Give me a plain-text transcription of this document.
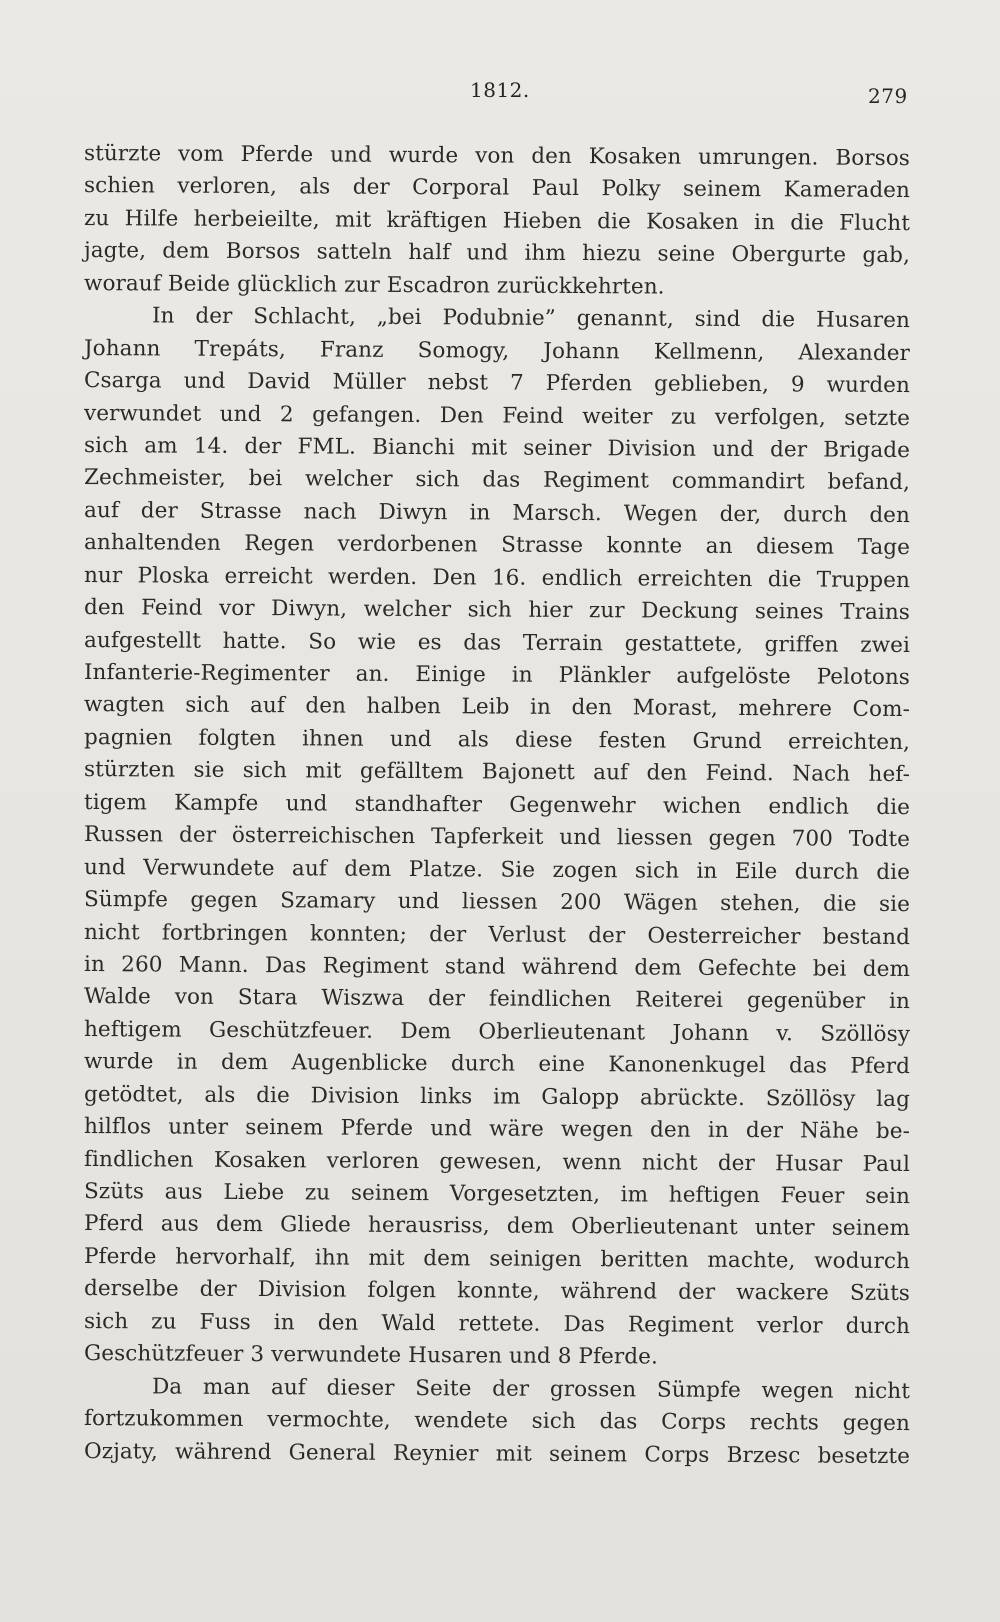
1812.	279
stürzte vom Pferde und wurde von den Kosaken umrungen. Borsos
schien verloren, als der Corporal Paul Polky seinem Kameraden
zu Hilfe herbeieilte, mit kräftigen Hieben die Kosaken in die Flucht
jagte, dem Borsos satteln half und ihm hiezu seine Obergurte gab,
worauf Beide glücklich zur Escadron zurückkehrten.
In der Schlacht, „bei Podubnie” genannt, sind die Husaren
Johann Trepáts, Franz Somogy, Johann Kellmenn, Alexander
Csarga und David Müller nebst 7 Pferden geblieben, 9 wurden
verwundet und 2 gefangen. Den Feind weiter zu verfolgen, setzte
sich am 14. der FML. Bianchi mit seiner Division und der Brigade
Zechmeister, bei welcher sich das Regiment commandirt befand,
auf der Strasse nach Diwyn in Marsch. Wegen der, durch den
anhaltenden Regen verdorbenen Strasse konnte an diesem Tage
nur Ploska erreicht werden. Den 16. endlich erreichten die Truppen
den Feind vor Diwyn, welcher sich hier zur Deckung seines Trains
aufgestellt hatte. So wie es das Terrain gestattete, griffen zwei
Infanterie-Regimenter an. Einige in Plänkler aufgelöste Pelotons
wagten sich auf den halben Leib in den Morast, mehrere Com-
pagnien folgten ihnen und als diese festen Grund erreichten,
stürzten sie sich mit gefälltem Bajonett auf den Feind. Nach hef-
tigem Kampfe und standhafter Gegenwehr wichen endlich die
Russen der österreichischen Tapferkeit und liessen gegen 700 Todte
und Verwundete auf dem Platze. Sie zogen sich in Eile durch die
Sümpfe gegen Szamary und liessen 200 Wägen stehen, die sie
nicht fortbringen konnten; der Verlust der Oesterreicher bestand
in 260 Mann. Das Regiment stand während dem Gefechte bei dem
Walde von Stara Wiszwa der feindlichen Reiterei gegenüber in
heftigem Geschützfeuer. Dem Oberlieutenant Johann v. Szöllösy
wurde in dem Augenblicke durch eine Kanonenkugel das Pferd
getödtet, als die Division links im Galopp abrückte. Szöllösy lag
hilflos unter seinem Pferde und wäre wegen den in der Nähe be-
findlichen Kosaken verloren gewesen, wenn nicht der Husar Paul
Szüts aus Liebe zu seinem Vorgesetzten, im heftigen Feuer sein
Pferd aus dem Gliede herausriss, dem Oberlieutenant unter seinem
Pferde hervorhalf, ihn mit dem seinigen beritten machte, wodurch
derselbe der Division folgen konnte, während der wackere Szüts
sich zu Fuss in den Wald rettete. Das Regiment verlor durch
Geschützfeuer 3 verwundete Husaren und 8 Pferde.
Da man auf dieser Seite der grossen Sümpfe wegen nicht
fortzukommen vermochte, wendete sich das Corps rechts gegen
Ozjaty, während General Reynier mit seinem Corps Brzesc besetzte
